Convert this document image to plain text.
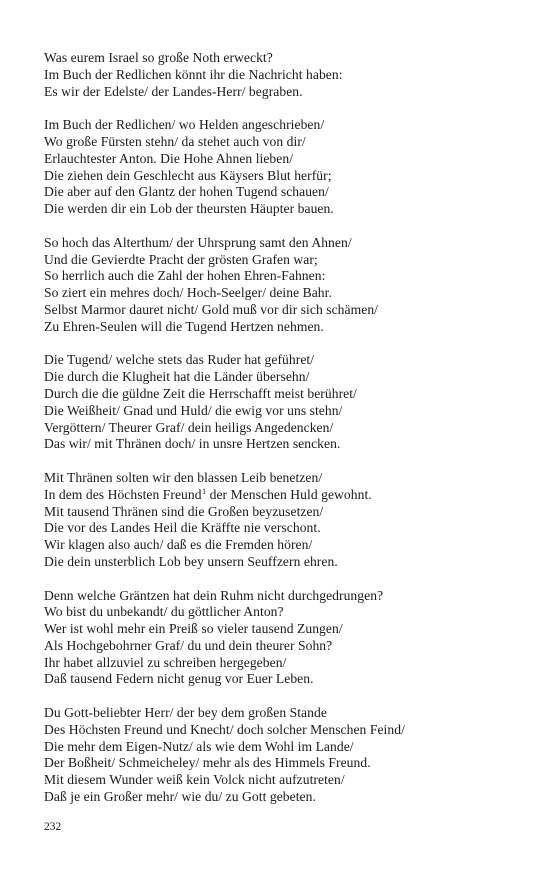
Was eurem Israel so große Noth erweckt?
Im Buch der Redlichen könnt ihr die Nachricht haben:
Es wir der Edelste/ der Landes-Herr/ begraben.
Im Buch der Redlichen/ wo Helden angeschrieben/
Wo große Fürsten stehn/ da stehet auch von dir/
Erlauchtester Anton. Die Hohe Ahnen lieben/
Die ziehen dein Geschlecht aus Käysers Blut herfür;
Die aber auf den Glantz der hohen Tugend schauen/
Die werden dir ein Lob der theursten Häupter bauen.
So hoch das Alterthum/ der Uhrsprung samt den Ahnen/
Und die Gevierdte Pracht der grösten Grafen war;
So herrlich auch die Zahl der hohen Ehren-Fahnen:
So ziert ein mehres doch/ Hoch-Seelger/ deine Bahr.
Selbst Marmor dauret nicht/ Gold muß vor dir sich schämen/
Zu Ehren-Seulen will die Tugend Hertzen nehmen.
Die Tugend/ welche stets das Ruder hat geführet/
Die durch die Klugheit hat die Länder übersehn/
Durch die die güldne Zeit die Herrschafft meist berühret/
Die Weißheit/ Gnad und Huld/ die ewig vor uns stehn/
Vergöttern/ Theurer Graf/ dein heiligs Angedencken/
Das wir/ mit Thränen doch/ in unsre Hertzen sencken.
Mit Thränen solten wir den blassen Leib benetzen/
In dem des Höchsten Freund$^1$ der Menschen Huld gewohnt.
Mit tausend Thränen sind die Großen beyzusetzen/
Die vor des Landes Heil die Kräffte nie verschont.
Wir klagen also auch/ daß es die Fremden hören/
Die dein unsterblich Lob bey unsern Seuffzern ehren.
Denn welche Gräntzen hat dein Ruhm nicht durchgedrungen?
Wo bist du unbekandt/ du göttlicher Anton?
Wer ist wohl mehr ein Preiß so vieler tausend Zungen/
Als Hochgebohrner Graf/ du und dein theurer Sohn?
Ihr habet allzuviel zu schreiben hergegeben/
Daß tausend Federn nicht genug vor Euer Leben.
Du Gott-beliebter Herr/ der bey dem großen Stande
Des Höchsten Freund und Knecht/ doch solcher Menschen Feind/
Die mehr dem Eigen-Nutz/ als wie dem Wohl im Lande/
Der Boßheit/ Schmeicheley/ mehr als des Himmels Freund.
Mit diesem Wunder weiß kein Volck nicht aufzutreten/
Daß je ein Großer mehr/ wie du/ zu Gott gebeten.
232
